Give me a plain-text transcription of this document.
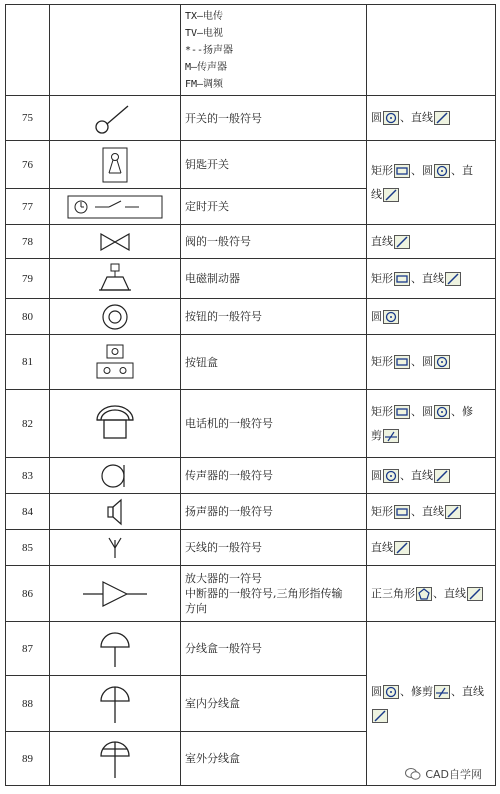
		TX—电传
TV—电视
*--扬声器
M—传声器
FM—调频	

75		开关的一般符号	圆 、直线

76		钥匙开关	矩形 、圆 、直
线

77		定时开关	
78		阀的一般符号	直线

79		电磁制动器	矩形 、直线

80		按钮的一般符号	圆

81		按钮盒	矩形 、圆

82		电话机的一般符号	矩形 、圆 、修
剪

83		传声器的一般符号	圆 、直线

84		扬声器的一般符号	矩形 、直线

85		天线的一般符号	直线

86		放大器的一符号
中断器的一般符号,三角形指传输
方向	正三角形 、直线

87		分线盒一般符号	圆 、修剪 、直线

88		室内分线盒	
89		室外分线盒	
CAD自学网
